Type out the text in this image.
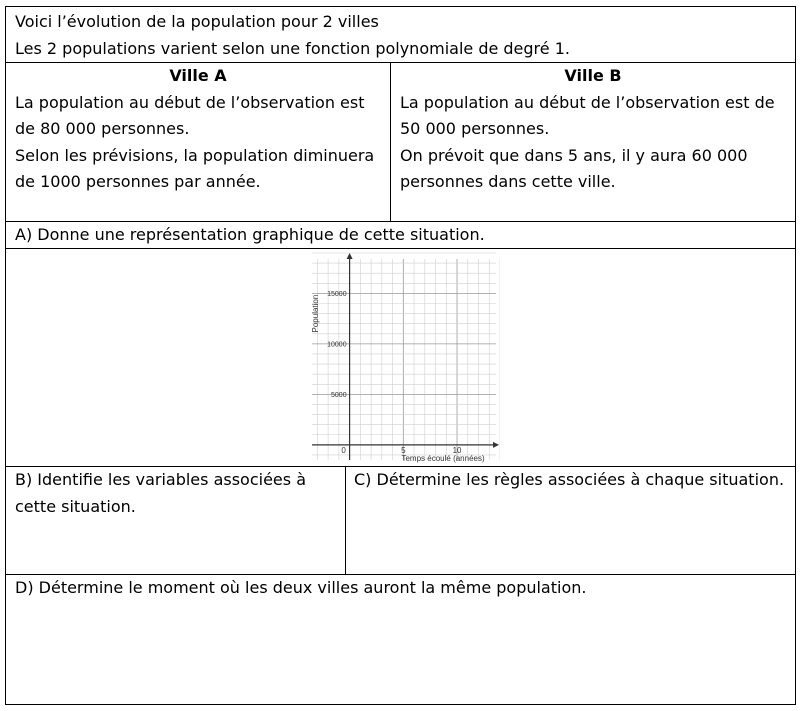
Voici l’évolution de la population pour 2 villes
Les 2 populations varient selon une fonction polynomiale de degré 1.
Ville A
La population au début de l’observation est
de 80 000 personnes.
Selon les prévisions, la population diminuera
de 1000 personnes par année.
Ville B
La population au début de l’observation est de
50 000 personnes.
On prévoit que dans 5 ans, il y aura 60 000
personnes dans cette ville.
A) Donne une représentation graphique de cette situation.
0	5	10
5000
10000
15000
Temps écoulé (années)
Population
B) Identifie les variables associées à
cette situation.
C) Détermine les règles associées à chaque situation.
D) Détermine le moment où les deux villes auront la même population.
